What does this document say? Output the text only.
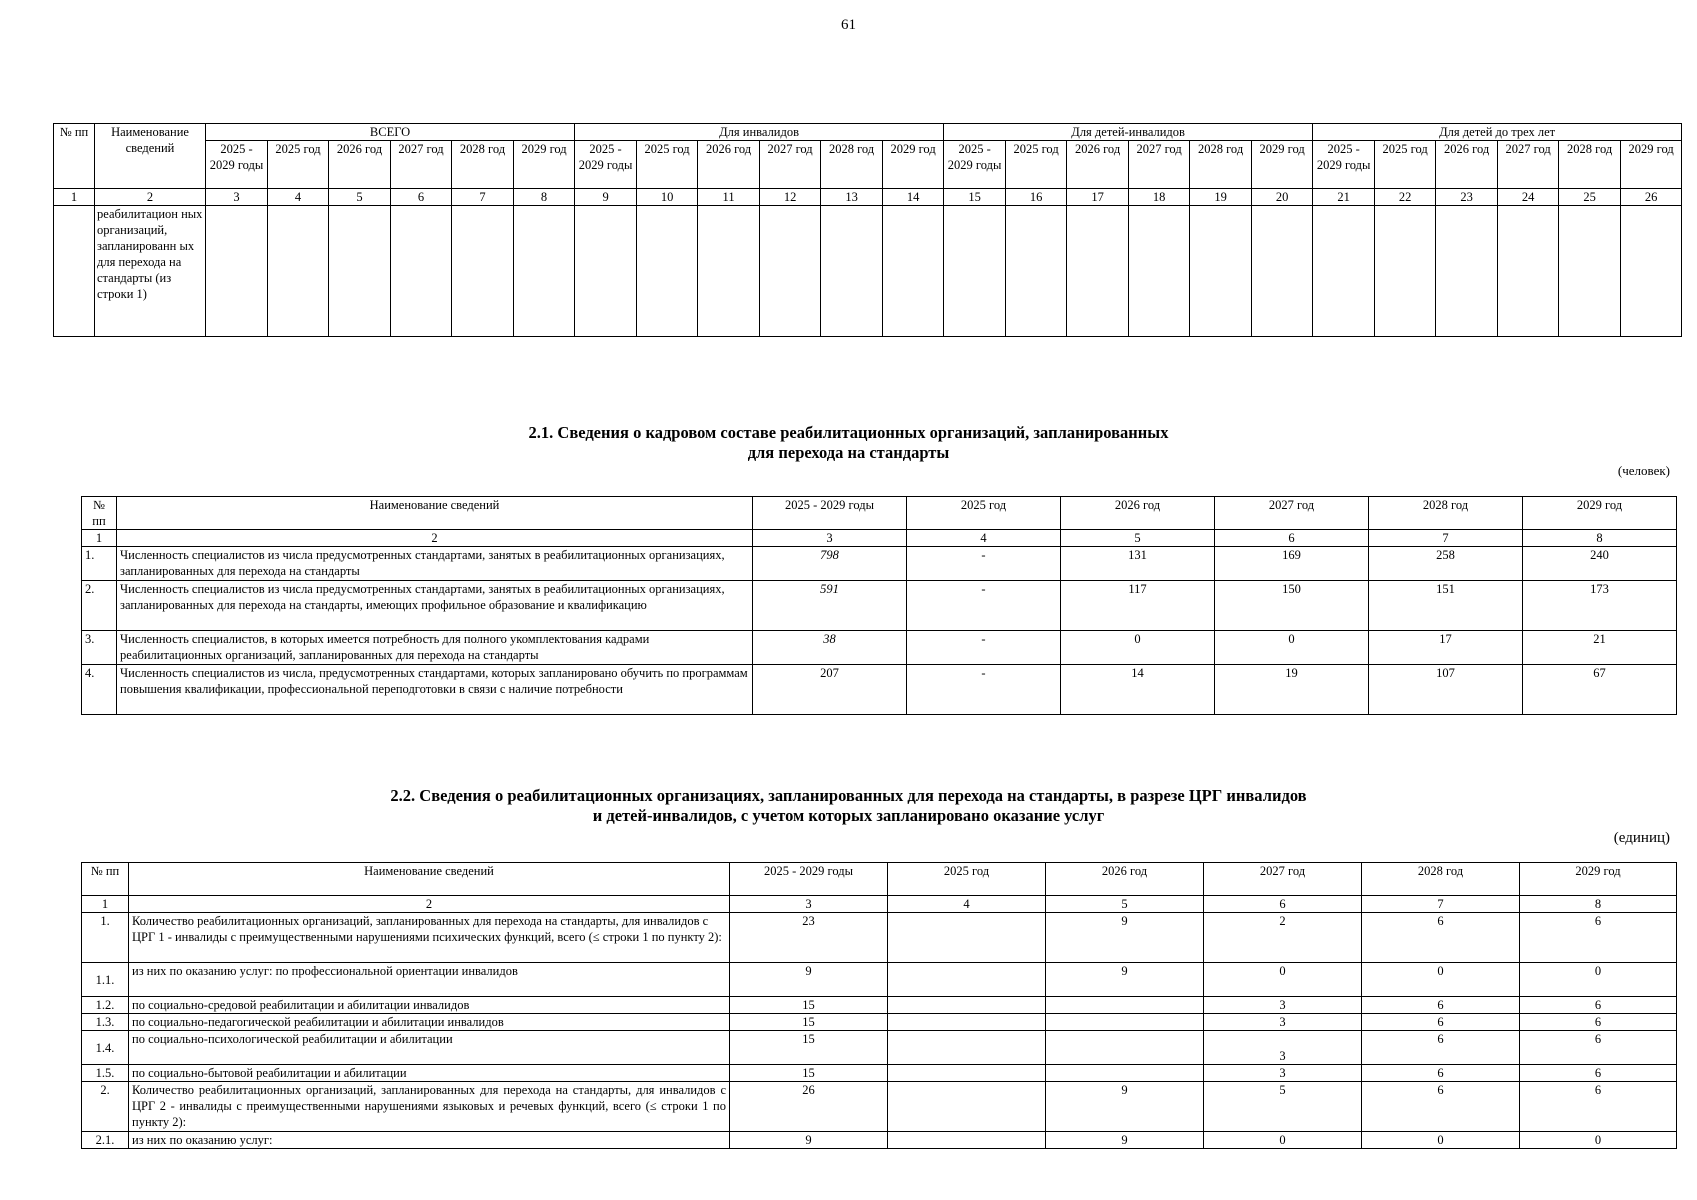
61
№ пп	Наименование сведений	ВСЕГО						Для инвалидов						Для детей-инвалидов						Для детей до трех лет					
		2025 - 2029 годы	2025 год	2026 год	2027 год	2028 год	2029 год	2025 - 2029 годы	2025 год	2026 год	2027 год	2028 год	2029 год	2025 - 2029 годы	2025 год	2026 год	2027 год	2028 год	2029 год	2025 - 2029 годы	2025 год	2026 год	2027 год	2028 год	2029 год
1	2	3	4	5	6	7	8	9	10	11	12	13	14	15	16	17	18	19	20	21	22	23	24	25	26
	реабилитацион ных организаций, запланированн ых для перехода на стандарты (из строки 1)																								
2.1. Сведения о кадровом составе реабилитационных организаций, запланированных
для перехода на стандарты
(человек)
№ пп	Наименование сведений	2025 - 2029 годы	2025 год	2026 год	2027 год	2028 год	2029 год
1	2	3	4	5	6	7	8
1.	Численность специалистов из числа предусмотренных стандартами, занятых в реабилитационных организациях, запланированных для перехода на стандарты	798	-	131	169	258	240
2.	Численность специалистов из числа предусмотренных стандартами, занятых в реабилитационных организациях, запланированных для перехода на стандарты, имеющих профильное образование и квалификацию	591	-	117	150	151	173
3.	Численность специалистов, в которых имеется потребность для полного укомплектования кадрами реабилитационных организаций, запланированных для перехода на стандарты	38	-	0	0	17	21
4.	Численность специалистов из числа, предусмотренных стандартами, которых запланировано обучить по программам повышения квалификации, профессиональной переподготовки в связи с наличие потребности	207	-	14	19	107	67
2.2. Сведения о реабилитационных организациях, запланированных для перехода на стандарты, в разрезе ЦРГ инвалидов
и детей-инвалидов, с учетом которых запланировано оказание услуг
(единиц)
№ пп	Наименование сведений	2025 - 2029 годы	2025 год	2026 год	2027 год	2028 год	2029 год
1	2	3	4	5	6	7	8
1.	Количество реабилитационных организаций, запланированных для перехода на стандарты, для инвалидов с ЦРГ 1 - инвалиды с преимущественными нарушениями психических функций, всего (≤ строки 1 по пункту 2):	23		9	2	6	6
1.1.	из них по оказанию услуг: по профессиональной ориентации инвалидов	9		9	0	0	0
1.2.	по социально-средовой реабилитации и абилитации инвалидов	15			3	6	6
1.3.	по социально-педагогической реабилитации и абилитации инвалидов	15			3	6	6
1.4.	по социально-психологической реабилитации и абилитации	15			3	6	6
1.5.	по социально-бытовой реабилитации и абилитации	15			3	6	6
2.	Количество реабилитационных организаций, запланированных для перехода на стандарты, для инвалидов с ЦРГ 2 - инвалиды с преимущественными нарушениями языковых и речевых функций, всего (≤ строки 1 по пункту 2):	26		9	5	6	6
2.1.	из них по оказанию услуг:	9		9	0	0	0
